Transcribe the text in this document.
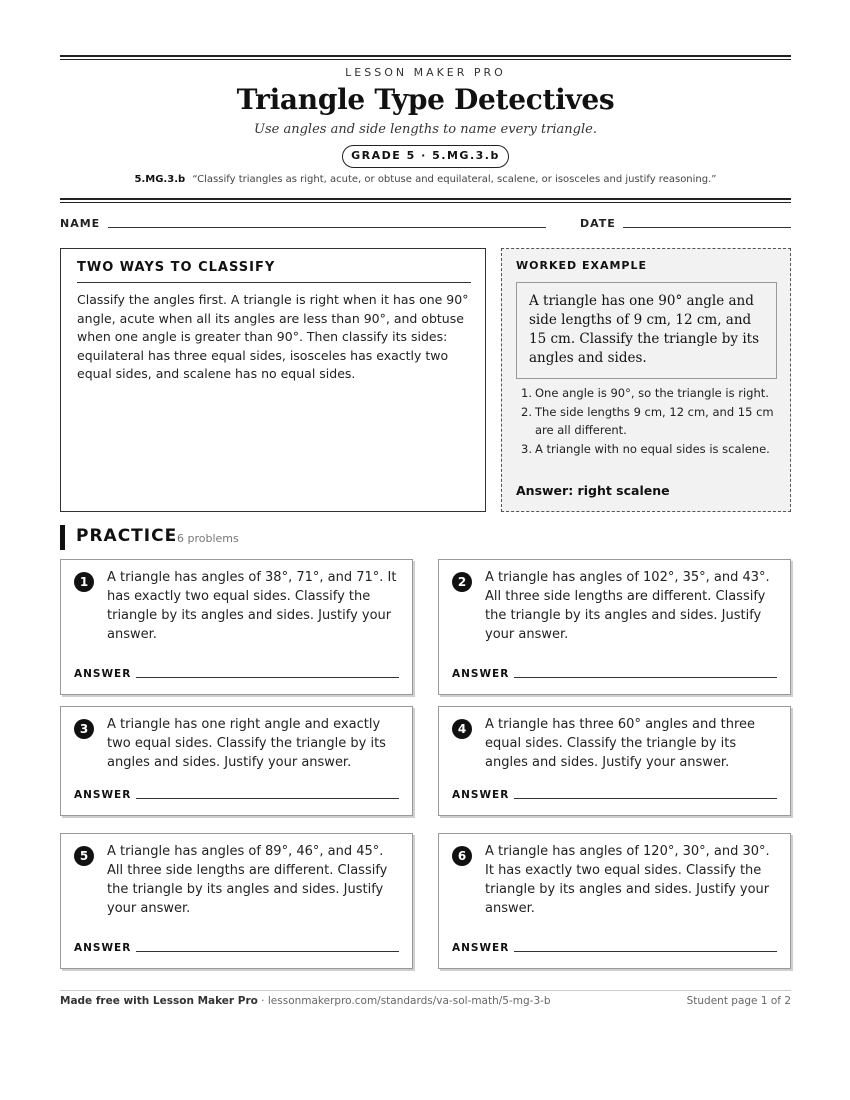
LESSON MAKER PRO
Triangle Type Detectives
Use angles and side lengths to name every triangle.
GRADE 5 · 5.MG.3.b
5.MG.3.b “Classify triangles as right, acute, or obtuse and equilateral, scalene, or isosceles and justify reasoning.”
NAME	DATE
TWO WAYS TO CLASSIFY
Classify the angles first. A triangle is right when it has one 90° angle, acute when all its angles are less than 90°, and obtuse when one angle is greater than 90°. Then classify its sides: equilateral has three equal sides, isosceles has exactly two equal sides, and scalene has no equal sides.
WORKED EXAMPLE
A triangle has one 90° angle and side lengths of 9 cm, 12 cm, and 15 cm. Classify the triangle by its angles and sides.
1. One angle is 90°, so the triangle is right.
2. The side lengths 9 cm, 12 cm, and 15 cm are all different.
3. A triangle with no equal sides is scalene.
Answer: right scalene
PRACTICE 6 problems
1	A triangle has angles of 38°, 71°, and 71°. It has exactly two equal sides. Classify the triangle by its angles and sides. Justify your answer.
ANSWER
2	A triangle has angles of 102°, 35°, and 43°. All three side lengths are different. Classify the triangle by its angles and sides. Justify your answer.
ANSWER
3	A triangle has one right angle and exactly two equal sides. Classify the triangle by its angles and sides. Justify your answer.
ANSWER
4	A triangle has three 60° angles and three equal sides. Classify the triangle by its angles and sides. Justify your answer.
ANSWER
5	A triangle has angles of 89°, 46°, and 45°. All three side lengths are different. Classify the triangle by its angles and sides. Justify your answer.
ANSWER
6	A triangle has angles of 120°, 30°, and 30°. It has exactly two equal sides. Classify the triangle by its angles and sides. Justify your answer.
ANSWER
Made free with Lesson Maker Pro · lessonmakerpro.com/standards/va-sol-math/5-mg-3-b	Student page 1 of 2
